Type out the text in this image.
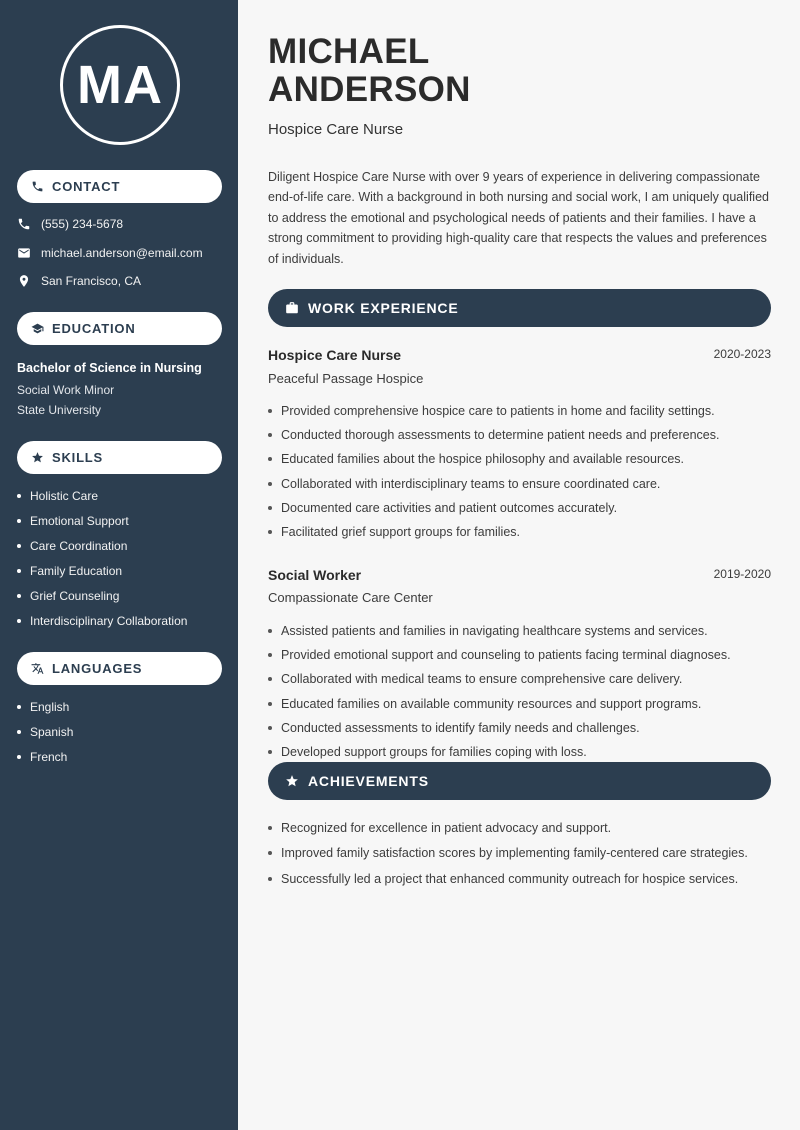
MA
CONTACT
(555) 234-5678
michael.anderson@email.com
San Francisco, CA
EDUCATION
Bachelor of Science in Nursing
Social Work Minor
State University
SKILLS
Holistic Care
Emotional Support
Care Coordination
Family Education
Grief Counseling
Interdisciplinary Collaboration
LANGUAGES
English
Spanish
French
MICHAEL
ANDERSON
Hospice Care Nurse

Diligent Hospice Care Nurse with over 9 years of experience in delivering compassionate end-of-life care. With a background in both nursing and social work, I am uniquely qualified to address the emotional and psychological needs of patients and their families. I have a strong commitment to providing high-quality care that respects the values and preferences of individuals.

WORK EXPERIENCE
Hospice Care Nurse	2020-2023
Peaceful Passage Hospice
Provided comprehensive hospice care to patients in home and facility settings.
Conducted thorough assessments to determine patient needs and preferences.
Educated families about the hospice philosophy and available resources.
Collaborated with interdisciplinary teams to ensure coordinated care.
Documented care activities and patient outcomes accurately.
Facilitated grief support groups for families.
Social Worker	2019-2020
Compassionate Care Center
Assisted patients and families in navigating healthcare systems and services.
Provided emotional support and counseling to patients facing terminal diagnoses.
Collaborated with medical teams to ensure comprehensive care delivery.
Educated families on available community resources and support programs.
Conducted assessments to identify family needs and challenges.
Developed support groups for families coping with loss.
ACHIEVEMENTS
Recognized for excellence in patient advocacy and support.
Improved family satisfaction scores by implementing family-centered care strategies.
Successfully led a project that enhanced community outreach for hospice services.
